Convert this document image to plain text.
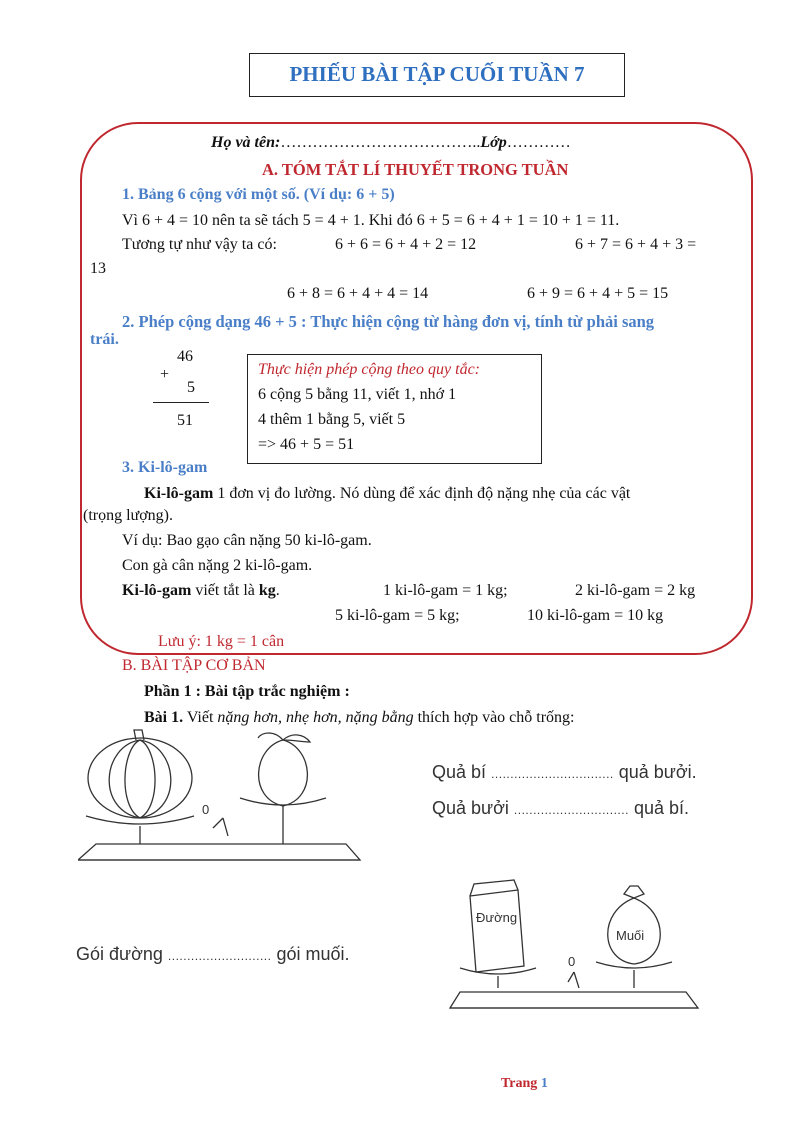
PHIẾU BÀI TẬP CUỐI TUẦN 7
Họ và tên:………………………………..Lớp…………
A. TÓM TẮT LÍ THUYẾT TRONG TUẦN
1. Bảng 6 cộng với một số. (Ví dụ: 6 + 5)
Vì 6 + 4 = 10 nên ta sẽ tách 5 = 4 + 1. Khi đó 6 + 5 = 6 + 4 + 1 = 10 + 1 = 11.
Tương tự như vậy ta có:	6 + 6 = 6 + 4 + 2 = 12	6 + 7 = 6 + 4 + 3 =
13
6 + 8 = 6 + 4 + 4 = 14	6 + 9 = 6 + 4 + 5 = 15
2. Phép cộng dạng 46 + 5 : Thực hiện cộng từ hàng đơn vị, tính từ phải sang
trái.
46
+
5
51
Thực hiện phép cộng theo quy tắc:
6 cộng 5 bằng 11, viết 1, nhớ 1
4 thêm 1 bằng 5, viết 5
=> 46 + 5 = 51
3. Ki-lô-gam
Ki-lô-gam 1 đơn vị đo lường. Nó dùng để xác định độ nặng nhẹ của các vật
(trọng lượng).
Ví dụ: Bao gạo cân nặng 50 ki-lô-gam.
Con gà cân nặng 2 ki-lô-gam.
Ki-lô-gam viết tắt là kg.	1 ki-lô-gam = 1 kg;	2 ki-lô-gam = 2 kg
5 ki-lô-gam = 5 kg;	10 ki-lô-gam = 10 kg
Lưu ý: 1 kg = 1 cân
B. BÀI TẬP CƠ BẢN
Phần 1 : Bài tập trắc nghiệm :
Bài 1. Viết nặng hơn, nhẹ hơn, nặng bằng thích hợp vào chỗ trống:
0
Quả bí ................................ quả bưởi.
Quả bưởi .............................. quả bí.
0
Đường
Muối
Gói đường ........................... gói muối.
Trang 1
